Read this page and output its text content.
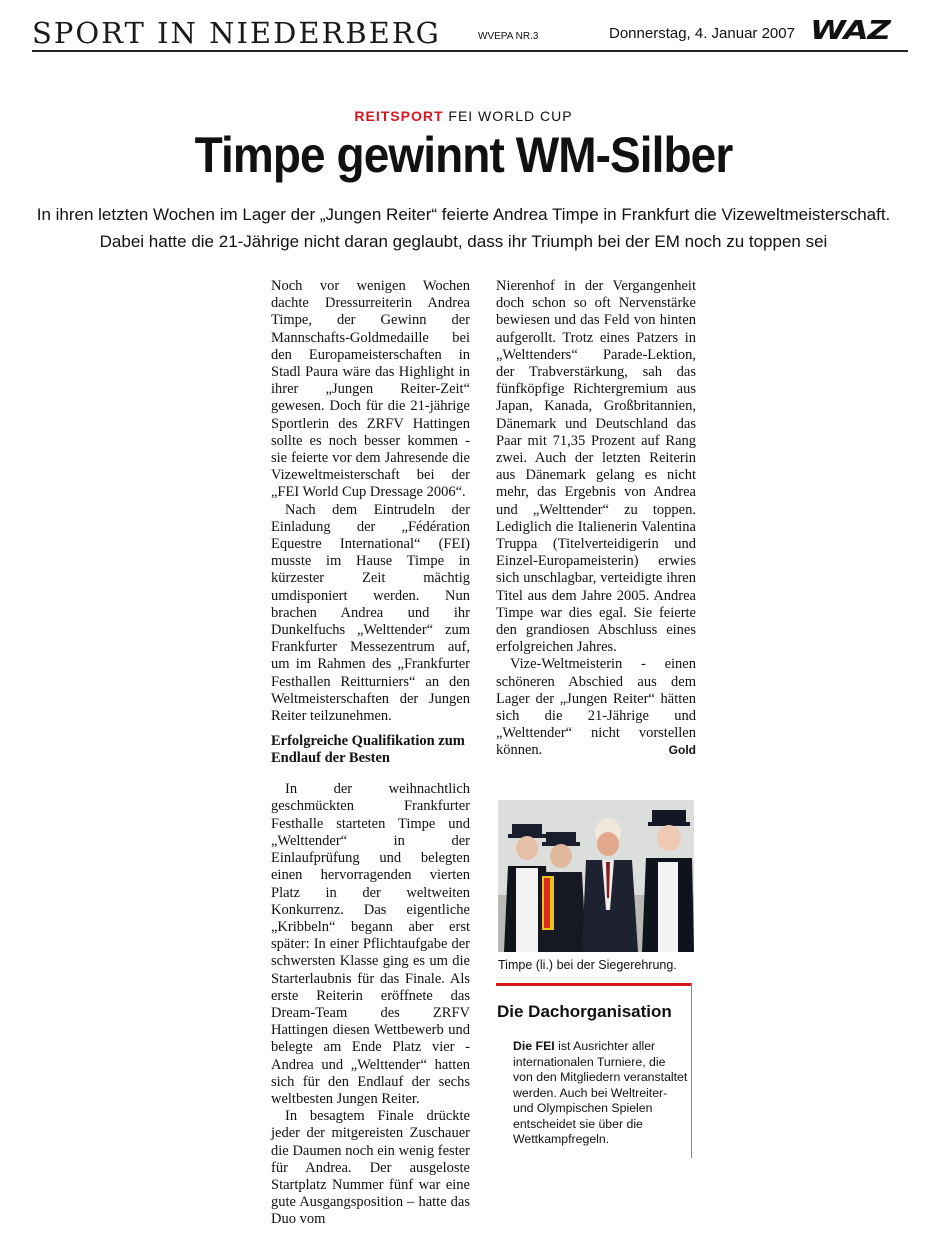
SPORT IN NIEDERBERG	WVEPA NR.3	Donnerstag, 4. Januar 2007 WAZ
REITSPORT FEI WORLD CUP
Timpe gewinnt WM-Silber
In ihren letzten Wochen im Lager der „Jungen Reiter“ feierte Andrea Timpe in Frankfurt die Vizeweltmeisterschaft.
Dabei hatte die 21-Jährige nicht daran geglaubt, dass ihr Triumph bei der EM noch zu toppen sei

Noch vor wenigen Wochen dachte Dressurreiterin Andrea Timpe, der Gewinn der Mannschafts-Goldmedaille bei den Europameisterschaften in Stadl Paura wäre das Highlight in ihrer „Jungen Reiter-Zeit“ gewesen. Doch für die 21-jährige Sportlerin des ZRFV Hattingen sollte es noch besser kommen - sie feierte vor dem Jahresende die Vizeweltmeisterschaft bei der „FEI World Cup Dressage 2006“.

Nach dem Eintrudeln der Einladung der „Fédération Equestre International“ (FEI) musste im Hause Timpe in kürzester Zeit mächtig umdisponiert werden. Nun brachen Andrea und ihr Dunkelfuchs „Welttender“ zum Frankfurter Messezentrum auf, um im Rahmen des „Frankfurter Festhallen Reitturniers“ an den Weltmeisterschaften der Jungen Reiter teilzunehmen.

Erfolgreiche Qualifikation zum Endlauf der Besten

In der weihnachtlich geschmückten Frankfurter Festhalle starteten Timpe und „Welttender“ in der Einlaufprüfung und belegten einen hervorragenden vierten Platz in der weltweiten Konkurrenz. Das eigentliche „Kribbeln“ begann aber erst später: In einer Pflichtaufgabe der schwersten Klasse ging es um die Starterlaubnis für das Finale. Als erste Reiterin eröffnete das Dream-Team des ZRFV Hattingen diesen Wettbewerb und belegte am Ende Platz vier - Andrea und „Welttender“ hatten sich für den Endlauf der sechs weltbesten Jungen Reiter.

In besagtem Finale drückte jeder der mitgereisten Zuschauer die Daumen noch ein wenig fester für Andrea. Der ausgeloste Startplatz Nummer fünf war eine gute Ausgangsposition – hatte das Duo vom

Nierenhof in der Vergangenheit doch schon so oft Nervenstärke bewiesen und das Feld von hinten aufgerollt. Trotz eines Patzers in „Welttenders“ Parade-Lektion, der Trabverstärkung, sah das fünfköpfige Richtergremium aus Japan, Kanada, Großbritannien, Dänemark und Deutschland das Paar mit 71,35 Prozent auf Rang zwei. Auch der letzten Reiterin aus Dänemark gelang es nicht mehr, das Ergebnis von Andrea und „Welttender“ zu toppen. Lediglich die Italienerin Valentina Truppa (Titelverteidigerin und Einzel-Europameisterin) erwies sich unschlagbar, verteidigte ihren Titel aus dem Jahre 2005. Andrea Timpe war dies egal. Sie feierte den grandiosen Abschluss eines erfolgreichen Jahres.

Vize-Weltmeisterin - einen schöneren Abschied aus dem Lager der „Jungen Reiter“ hätten sich die 21-Jährige und „Welttender“ nicht vorstellen können.	Gold

Timpe (li.) bei der Siegerehrung.
Die Dachorganisation
Die FEI ist Ausrichter aller internationalen Turniere, die von den Mitgliedern veranstaltet werden. Auch bei Weltreiter- und Olympischen Spielen entscheidet sie über die Wettkampfregeln.
